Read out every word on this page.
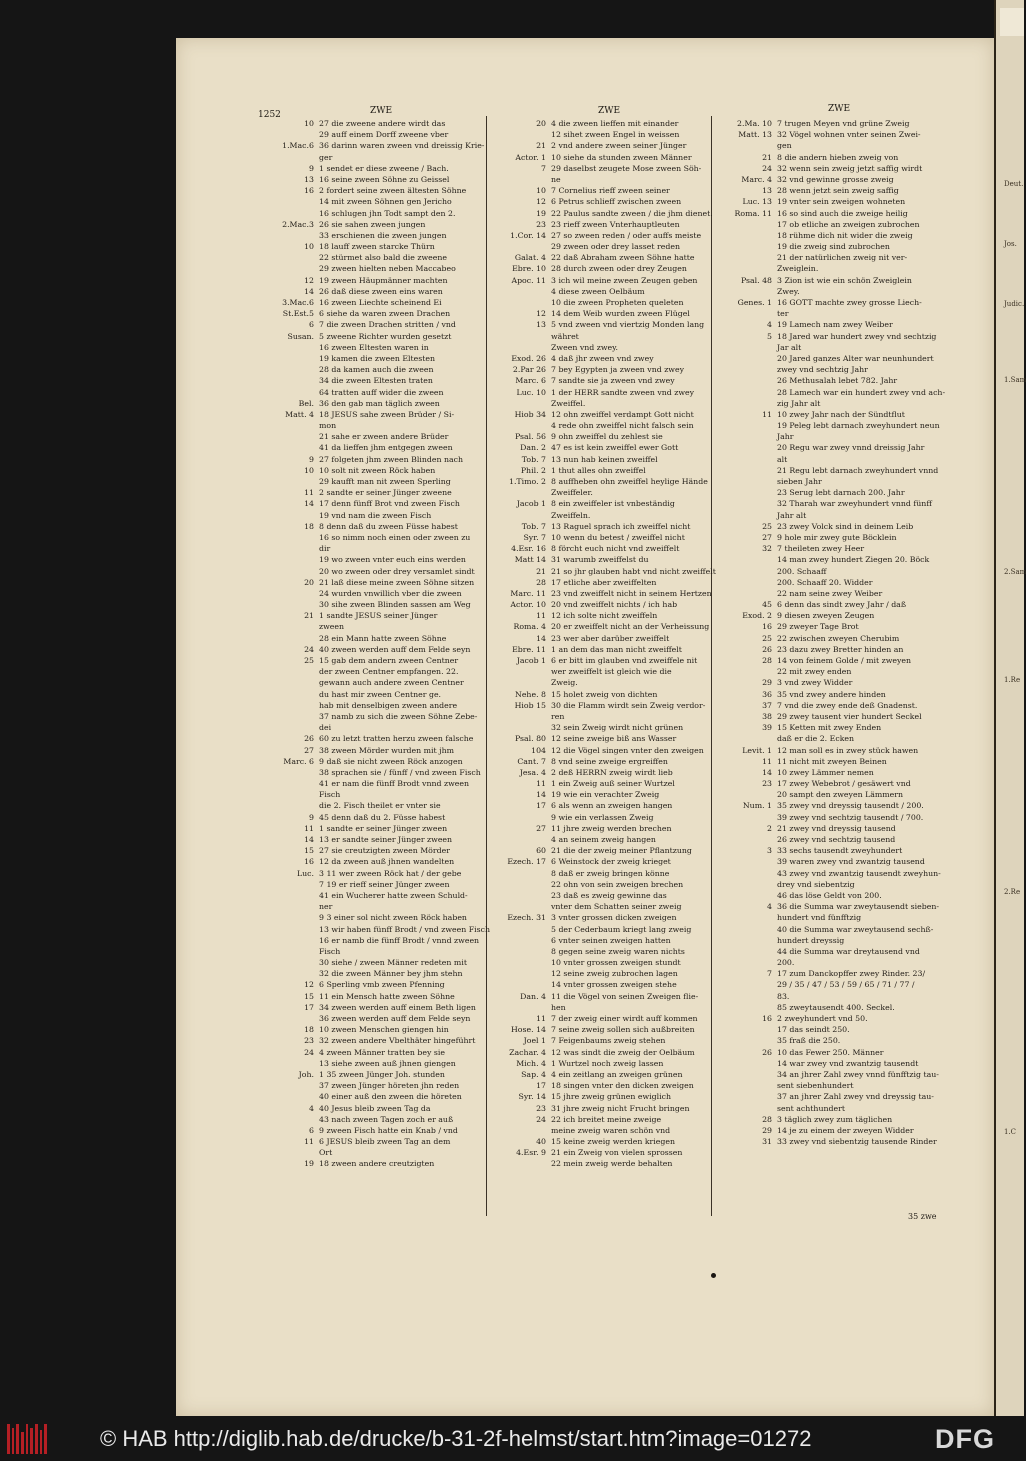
Deut.
Jos.
Judic.
1.Sam
2.Sam
1.Re
2.Re
1.C
1252	ZWE	ZWE	ZWE
10 27 die zweene andere wirdt das
29 auff einem Dorff zweene vber
1.Mac.6 36 darinn waren zween vnd dreissig Krie-
ger
9 1 sendet er diese zweene / Bach.
13 16 seine zween Söhne zu Geissel
16 2 fordert seine zween ältesten Söhne
14 mit zween Söhnen gen Jericho
16 schlugen jhn Todt sampt den 2.
2.Mac.3 26 sie sahen zween jungen
33 erschienen die zween jungen
10 18 lauff zween starcke Thürn
22 stürmet also bald die zweene
29 zween hielten neben Maccabeo
12 19 zween Häupmänner machten
14 26 daß diese zween eins waren
3.Mac.6 16 zween Liechte scheinend Ei
St.Est.5 6 siehe da waren zween Drachen
6 7 die zween Drachen stritten / vnd
Susan. 5 zweene Richter wurden gesetzt
16 zween Eltesten waren in
19 kamen die zween Eltesten
28 da kamen auch die zween
34 die zween Eltesten traten
64 tratten auff wider die zween
Bel. 36 den gab man täglich zween
Matt. 4 18 JESUS sahe zween Brüder / Si-
mon
21 sahe er zween andere Brüder
41 da lieffen jhm entgegen zween
9 27 folgeten jhm zween Blinden nach
10 10 solt nit zween Röck haben
29 kaufft man nit zween Sperling
11 2 sandte er seiner Jünger zweene
14 17 denn fünff Brot vnd zween Fisch
19 vnd nam die zween Fisch
18 8 denn daß du zween Füsse habest
16 so nimm noch einen oder zween zu
dir
19 wo zween vnter euch eins werden
20 wo zween oder drey versamlet sindt
20 21 laß diese meine zween Söhne sitzen
24 wurden vnwillich vber die zween
30 sihe zween Blinden sassen am Weg
21 1 sandte JESUS seiner Jünger
zween
28 ein Mann hatte zween Söhne
24 40 zween werden auff dem Felde seyn
25 15 gab dem andern zween Centner
der zween Centner empfangen. 22.
gewann auch andere zween Centner
du hast mir zween Centner ge.
hab mit denselbigen zween andere
37 namb zu sich die zween Söhne Zebe-
dei
26 60 zu letzt tratten herzu zween falsche
27 38 zween Mörder wurden mit jhm
Marc. 6 9 daß sie nicht zween Röck anzogen
38 sprachen sie / fünff / vnd zween Fisch
41 er nam die fünff Brodt vnnd zween
Fisch
die 2. Fisch theilet er vnter sie
9 45 denn daß du 2. Füsse habest
11 1 sandte er seiner Jünger zween
14 13 er sandte seiner Jünger zween
15 27 sie creutzigten zween Mörder
16 12 da zween auß jhnen wandelten
Luc. 3 11 wer zween Röck hat / der gebe
7 19 er rieff seiner Jünger zween
41 ein Wucherer hatte zween Schuld-
ner
9 3 einer sol nicht zween Röck haben
13 wir haben fünff Brodt / vnd zween Fisch
16 er namb die fünff Brodt / vnnd zween
Fisch
30 siehe / zween Männer redeten mit
32 die zween Männer bey jhm stehn
12 6 Sperling vmb zween Pfenning
15 11 ein Mensch hatte zween Söhne
17 34 zween werden auff einem Beth ligen
36 zween werden auff dem Felde seyn
18 10 zween Menschen giengen hin
23 32 zween andere Vbelthäter hingeführt
24 4 zween Männer tratten bey sie
13 siehe zween auß jhnen giengen
Joh. 1 35 zween Jünger Joh. stunden
37 zween Jünger höreten jhn reden
40 einer auß den zween die höreten
4 40 Jesus bleib zween Tag da
43 nach zween Tagen zoch er auß
6 9 zween Fisch hatte ein Knab / vnd
11 6 JESUS bleib zween Tag an dem
Ort
19 18 zween andere creutzigten
20 4 die zween lieffen mit einander
12 sihet zween Engel in weissen
21 2 vnd andere zween seiner Jünger
Actor. 1 10 siehe da stunden zween Männer
7 29 daselbst zeugete Mose zween Söh-
ne
10 7 Cornelius rieff zween seiner
12 6 Petrus schlieff zwischen zween
19 22 Paulus sandte zween / die jhm dienet.
23 23 rieff zween Vnterhauptleuten
1.Cor. 14 27 so zween reden / oder auffs meiste
29 zween oder drey lasset reden
Galat. 4 22 daß Abraham zween Söhne hatte
Ebre. 10 28 durch zween oder drey Zeugen
Apoc. 11 3 ich wil meine zween Zeugen geben
4 diese zween Oelbäum
10 die zween Propheten queleten
12 14 dem Weib wurden zween Flügel
13 5 vnd zween vnd viertzig Monden lang
währet
Zween vnd zwey.
Exod. 26 4 daß jhr zween vnd zwey
2.Par 26 7 bey Egypten ja zween vnd zwey
Marc. 6 7 sandte sie ja zween vnd zwey
Luc. 10 1 der HERR sandte zween vnd zwey
Zweiffel.
Hiob 34 12 ohn zweiffel verdampt Gott nicht
4 rede ohn zweiffel nicht falsch sein
Psal. 56 9 ohn zweiffel du zehlest sie
Dan. 2 47 es ist kein zweiffel ewer Gott
Tob. 7 13 nun hab keinen zweiffel
Phil. 2 1 thut alles ohn zweiffel
1.Timo. 2 8 auffheben ohn zweiffel heylige Hände
Zweiffeler.
Jacob 1 8 ein zweiffeler ist vnbeständig
Zweiffeln.
Tob. 7 13 Raguel sprach ich zweiffel nicht
Syr. 7 10 wenn du betest / zweiffel nicht
4.Esr. 16 8 förcht euch nicht vnd zweiffelt
Matt 14 31 warumb zweiffelst du
21 21 so jhr glauben habt vnd nicht zweiffelt
28 17 etliche aber zweiffelten
Marc. 11 23 vnd zweiffelt nicht in seinem Hertzen
Actor. 10 20 vnd zweiffelt nichts / ich hab
11 12 ich solte nicht zweiffeln
Roma. 4 20 er zweiffelt nicht an der Verheissung
14 23 wer aber darüber zweiffelt
Ebre. 11 1 an dem das man nicht zweiffelt
Jacob 1 6 er bitt im glauben vnd zweiffele nit
wer zweiffelt ist gleich wie die
Zweig.
Nehe. 8 15 holet zweig von dichten
Hiob 15 30 die Flamm wirdt sein Zweig verdor-
ren
32 sein Zweig wirdt nicht grünen
Psal. 80 12 seine zweige biß ans Wasser
104 12 die Vögel singen vnter den zweigen
Cant. 7 8 vnd seine zweige ergreiffen
Jesa. 4 2 deß HERRN zweig wirdt lieb
11 1 ein Zweig auß seiner Wurtzel
14 19 wie ein verachter Zweig
17 6 als wenn an zweigen hangen
9 wie ein verlassen Zweig
27 11 jhre zweig werden brechen
4 an seinem zweig hangen
60 21 die der zweig meiner Pflantzung
Ezech. 17 6 Weinstock der zweig krieget
8 daß er zweig bringen könne
22 ohn von sein zweigen brechen
23 daß es zweig gewinne das
vnter dem Schatten seiner zweig
Ezech. 31 3 vnter grossen dicken zweigen
5 der Cederbaum kriegt lang zweig
6 vnter seinen zweigen hatten
8 gegen seine zweig waren nichts
10 vnter grossen zweigen stundt
12 seine zweig zubrochen lagen
14 vnter grossen zweigen stehe
Dan. 4 11 die Vögel von seinen Zweigen flie-
hen
11 7 der zweig einer wirdt auff kommen
Hose. 14 7 seine zweig sollen sich außbreiten
Joel 1 7 Feigenbaums zweig stehen
Zachar. 4 12 was sindt die zweig der Oelbäum
Mich. 4 1 Wurtzel noch zweig lassen
Sap. 4 4 ein zeitlang an zweigen grünen
17 18 singen vnter den dicken zweigen
Syr. 14 15 jhre zweig grünen ewiglich
23 31 jhre zweig nicht Frucht bringen
24 22 ich breitet meine zweige
meine zweig waren schön vnd
40 15 keine zweig werden kriegen
4.Esr. 9 21 ein Zweig von vielen sprossen
22 mein zweig werde behalten
2.Ma. 10 7 trugen Meyen vnd grüne Zweig
Matt. 13 32 Vögel wohnen vnter seinen Zwei-
gen
21 8 die andern hieben zweig von
24 32 wenn sein zweig jetzt saffig wirdt
Marc. 4 32 vnd gewinne grosse zweig
13 28 wenn jetzt sein zweig saffig
Luc. 13 19 vnter sein zweigen wohneten
Roma. 11 16 so sind auch die zweige heilig
17 ob etliche an zweigen zubrochen
18 rühme dich nit wider die zweig
19 die zweig sind zubrochen
21 der natürlichen zweig nit ver-
Zweiglein.
Psal. 48 3 Zion ist wie ein schön Zweiglein
Zwey.
Genes. 1 16 GOTT machte zwey grosse Liech-
ter
4 19 Lamech nam zwey Weiber
5 18 Jared war hundert zwey vnd sechtzig
Jar alt
20 Jared ganzes Alter war neunhundert
zwey vnd sechtzig Jahr
26 Methusalah lebet 782. Jahr
28 Lamech war ein hundert zwey vnd ach-
zig Jahr alt
11 10 zwey Jahr nach der Sündtflut
19 Peleg lebt darnach zweyhundert neun
Jahr
20 Regu war zwey vnnd dreissig Jahr
alt
21 Regu lebt darnach zweyhundert vnnd
sieben Jahr
23 Serug lebt darnach 200. Jahr
32 Tharah war zweyhundert vnnd fünff
Jahr alt
25 23 zwey Volck sind in deinem Leib
27 9 hole mir zwey gute Böcklein
32 7 theileten zwey Heer
14 man zwey hundert Ziegen 20. Böck
200. Schaaff
200. Schaaff 20. Widder
22 nam seine zwey Weiber
45 6 denn das sindt zwey Jahr / daß
Exod. 2 9 diesen zweyen Zeugen
16 29 zweyer Tage Brot
25 22 zwischen zweyen Cherubim
26 23 dazu zwey Bretter hinden an
28 14 von feinem Golde / mit zweyen
22 mit zwey enden
29 3 vnd zwey Widder
36 35 vnd zwey andere hinden
37 7 vnd die zwey ende deß Gnadenst.
38 29 zwey tausent vier hundert Seckel
39 15 Ketten mit zwey Enden
daß er die 2. Ecken
Levit. 1 12 man soll es in zwey stück hawen
11 11 nicht mit zweyen Beinen
14 10 zwey Lämmer nemen
23 17 zwey Webebrot / gesäwert vnd
20 sampt den zweyen Lämmern
Num. 1 35 zwey vnd dreyssig tausendt / 200.
39 zwey vnd sechtzig tausendt / 700.
2 21 zwey vnd dreyssig tausend
26 zwey vnd sechtzig tausend
3 33 sechs tausendt zweyhundert
39 waren zwey vnd zwantzig tausend
43 zwey vnd zwantzig tausendt zweyhun-
drey vnd siebentzig
46 das löse Geldt von 200.
4 36 die Summa war zweytausendt sieben-
hundert vnd fünfftzig
40 die Summa war zweytausend sechß-
hundert dreyssig
44 die Summa war dreytausend vnd
200.
7 17 zum Danckopffer zwey Rinder. 23/
29 / 35 / 47 / 53 / 59 / 65 / 71 / 77 /
83.
85 zweytausendt 400. Seckel.
16 2 zweyhundert vnd 50.
17 das seindt 250.
35 fraß die 250.
26 10 das Fewer 250. Männer
14 war zwey vnd zwantzig tausendt
34 an jhrer Zahl zwey vnnd fünfftzig tau-
sent siebenhundert
37 an jhrer Zahl zwey vnd dreyssig tau-
sent achthundert
28 3 täglich zwey zum täglichen
29 14 je zu einem der zweyen Widder
31 33 zwey vnd siebentzig tausende Rinder
35 zwe
© HAB http://diglib.hab.de/drucke/b-31-2f-helmst/start.htm?image=01272	DFG
